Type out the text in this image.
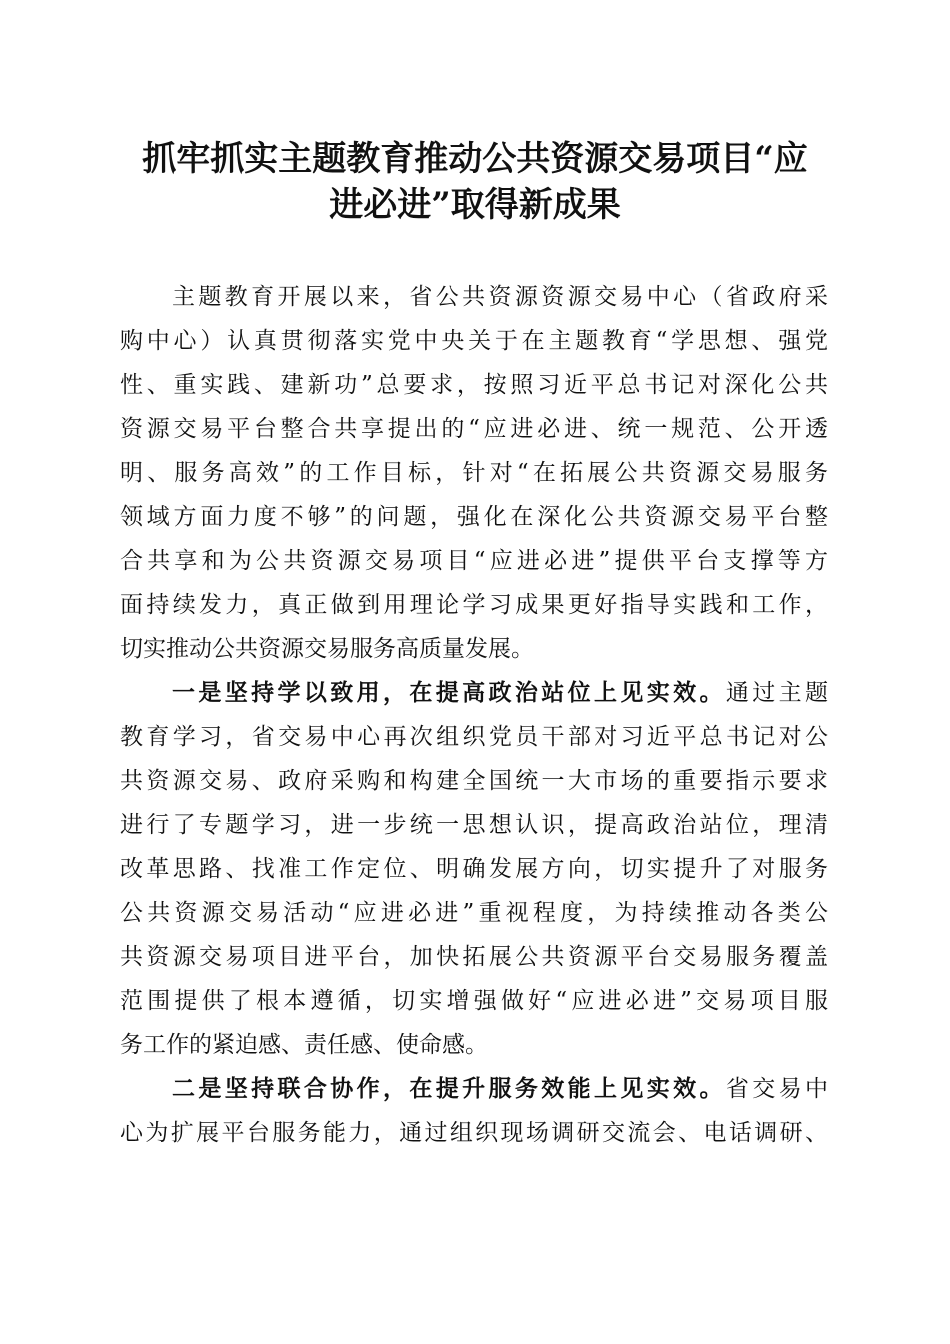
抓牢抓实主题教育推动公共资源交易项目“应
进必进”取得新成果
主题教育开展以来，省公共资源资源交易中心（省政府采
购中心）认真贯彻落实党中央关于在主题教育“学思想、强党
性、重实践、建新功”总要求，按照习近平总书记对深化公共
资源交易平台整合共享提出的“应进必进、统一规范、公开透
明、服务高效”的工作目标，针对“在拓展公共资源交易服务
领域方面力度不够”的问题，强化在深化公共资源交易平台整
合共享和为公共资源交易项目“应进必进”提供平台支撑等方
面持续发力，真正做到用理论学习成果更好指导实践和工作，
切实推动公共资源交易服务高质量发展。
一是坚持学以致用，在提高政治站位上见实效。通过主题
教育学习，省交易中心再次组织党员干部对习近平总书记对公
共资源交易、政府采购和构建全国统一大市场的重要指示要求
进行了专题学习，进一步统一思想认识，提高政治站位，理清
改革思路、找准工作定位、明确发展方向，切实提升了对服务
公共资源交易活动“应进必进”重视程度，为持续推动各类公
共资源交易项目进平台，加快拓展公共资源平台交易服务覆盖
范围提供了根本遵循，切实增强做好“应进必进”交易项目服
务工作的紧迫感、责任感、使命感。
二是坚持联合协作，在提升服务效能上见实效。省交易中
心为扩展平台服务能力，通过组织现场调研交流会、电话调研、
